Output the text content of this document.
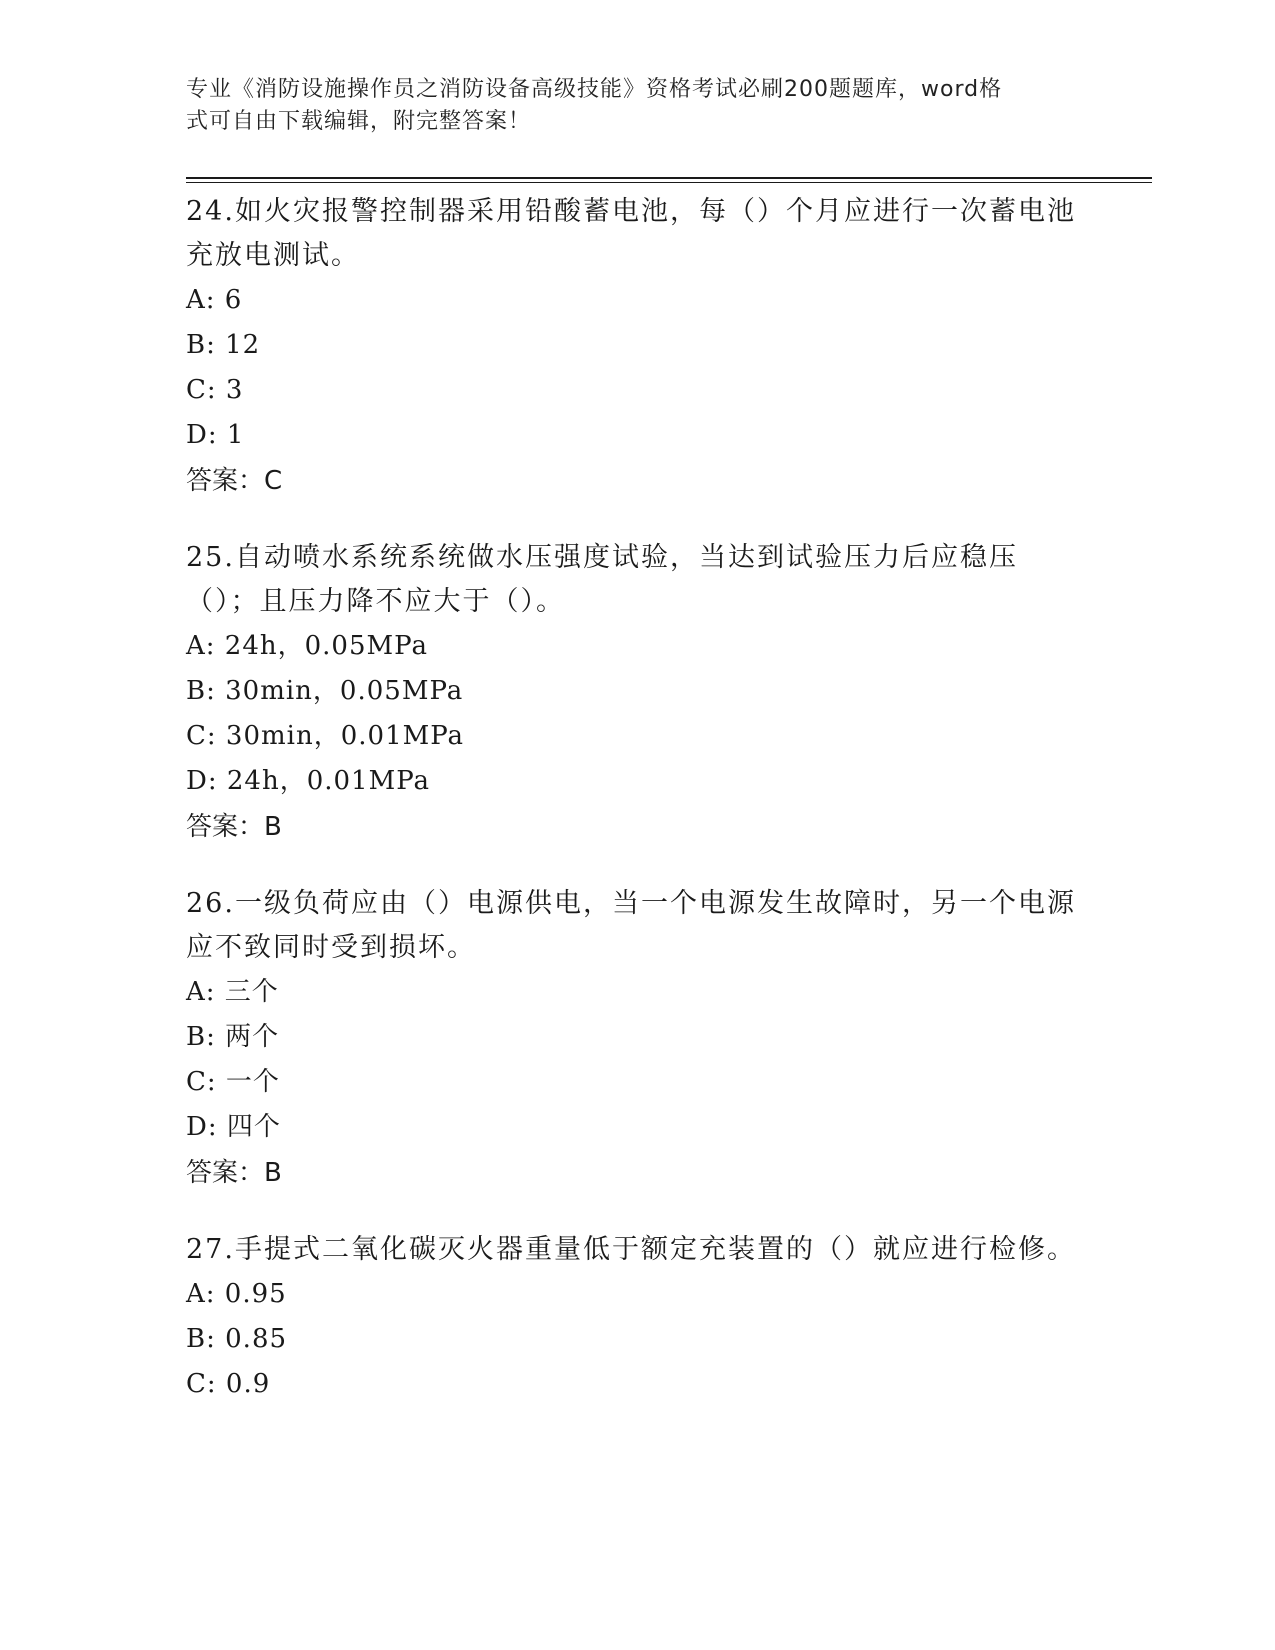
专业《消防设施操作员之消防设备高级技能》资格考试必刷200题题库，word格
式可自由下载编辑，附完整答案！

24.如火灾报警控制器采用铅酸蓄电池，每（）个月应进行一次蓄电池充放电测试。

A: 6

B: 12

C: 3

D: 1

答案：C

25.自动喷水系统系统做水压强度试验，当达到试验压力后应稳压（）；且压力降不应大于（）。

A: 24h，0.05MPa

B: 30min，0.05MPa

C: 30min，0.01MPa

D: 24h，0.01MPa

答案：B

26.一级负荷应由（）电源供电，当一个电源发生故障时，另一个电源应不致同时受到损坏。

A: 三个

B: 两个

C: 一个

D: 四个

答案：B

27.手提式二氧化碳灭火器重量低于额定充装置的（）就应进行检修。

A: 0.95

B: 0.85

C: 0.9
